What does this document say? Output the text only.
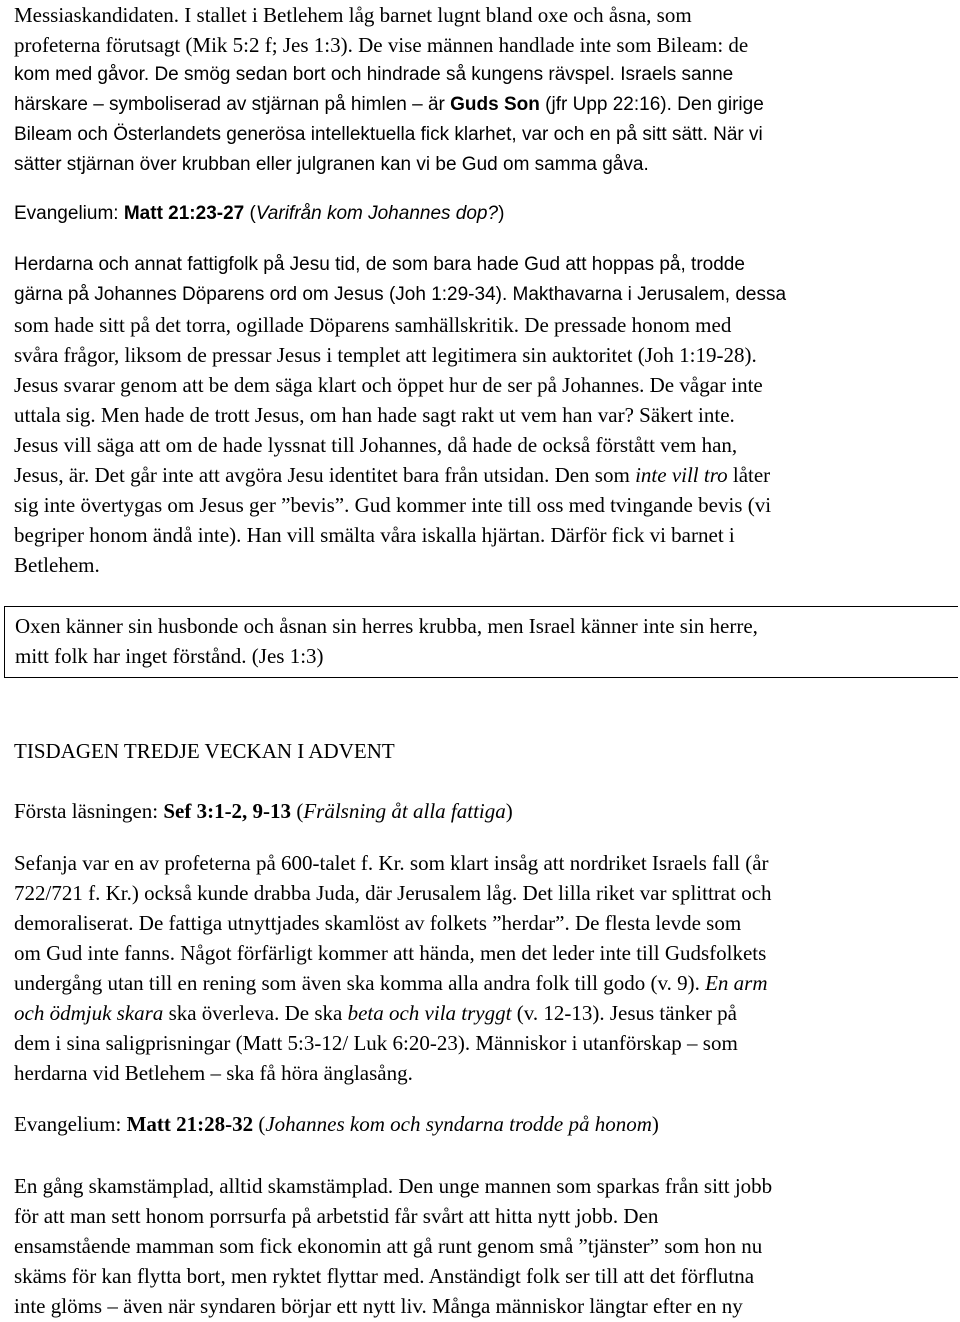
Messiaskandidaten. I stallet i Betlehem låg barnet lugnt bland oxe och åsna, som

profeterna förutsagt (Mik 5:2 f; Jes 1:3). De vise männen handlade inte som Bileam: de

kom med gåvor. De smög sedan bort och hindrade så kungens rävspel. Israels sanne

härskare – symboliserad av stjärnan på himlen – är Guds Son (jfr Upp 22:16). Den girige

Bileam och Österlandets generösa intellektuella fick klarhet, var och en på sitt sätt. När vi

sätter stjärnan över krubban eller julgranen kan vi be Gud om samma gåva.

Evangelium: Matt 21:23-27 (Varifrån kom Johannes dop?)

Herdarna och annat fattigfolk på Jesu tid, de som bara hade Gud att hoppas på, trodde

gärna på Johannes Döparens ord om Jesus (Joh 1:29-34). Makthavarna i Jerusalem, dessa

som hade sitt på det torra, ogillade Döparens samhällskritik. De pressade honom med

svåra frågor, liksom de pressar Jesus i templet att legitimera sin auktoritet (Joh 1:19-28).

Jesus svarar genom att be dem säga klart och öppet hur de ser på Johannes. De vågar inte

uttala sig. Men hade de trott Jesus, om han hade sagt rakt ut vem han var? Säkert inte.

Jesus vill säga att om de hade lyssnat till Johannes, då hade de också förstått vem han,

Jesus, är. Det går inte att avgöra Jesu identitet bara från utsidan. Den som inte vill tro låter

sig inte övertygas om Jesus ger ”bevis”. Gud kommer inte till oss med tvingande bevis (vi

begriper honom ändå inte). Han vill smälta våra iskalla hjärtan. Därför fick vi barnet i

Betlehem.

Oxen känner sin husbonde och åsnan sin herres krubba, men Israel känner inte sin herre,

mitt folk har inget förstånd. (Jes 1:3)

TISDAGEN TREDJE VECKAN I ADVENT

Första läsningen: Sef 3:1-2, 9-13 (Frälsning åt alla fattiga)

Sefanja var en av profeterna på 600-talet f. Kr. som klart insåg att nordriket Israels fall (år

722/721 f. Kr.) också kunde drabba Juda, där Jerusalem låg. Det lilla riket var splittrat och

demoraliserat. De fattiga utnyttjades skamlöst av folkets ”herdar”. De flesta levde som

om Gud inte fanns. Något förfärligt kommer att hända, men det leder inte till Gudsfolkets

undergång utan till en rening som även ska komma alla andra folk till godo (v. 9). En arm

och ödmjuk skara ska överleva. De ska beta och vila tryggt (v. 12-13). Jesus tänker på

dem i sina saligprisningar (Matt 5:3-12/ Luk 6:20-23). Människor i utanförskap – som

herdarna vid Betlehem – ska få höra änglasång.

Evangelium: Matt 21:28-32 (Johannes kom och syndarna trodde på honom)

En gång skamstämplad, alltid skamstämplad. Den unge mannen som sparkas från sitt jobb

för att man sett honom porrsurfa på arbetstid får svårt att hitta nytt jobb. Den

ensamstående mamman som fick ekonomin att gå runt genom små ”tjänster” som hon nu

skäms för kan flytta bort, men ryktet flyttar med. Anständigt folk ser till att det förflutna

inte glöms – även när syndaren börjar ett nytt liv. Många människor längtar efter en ny
